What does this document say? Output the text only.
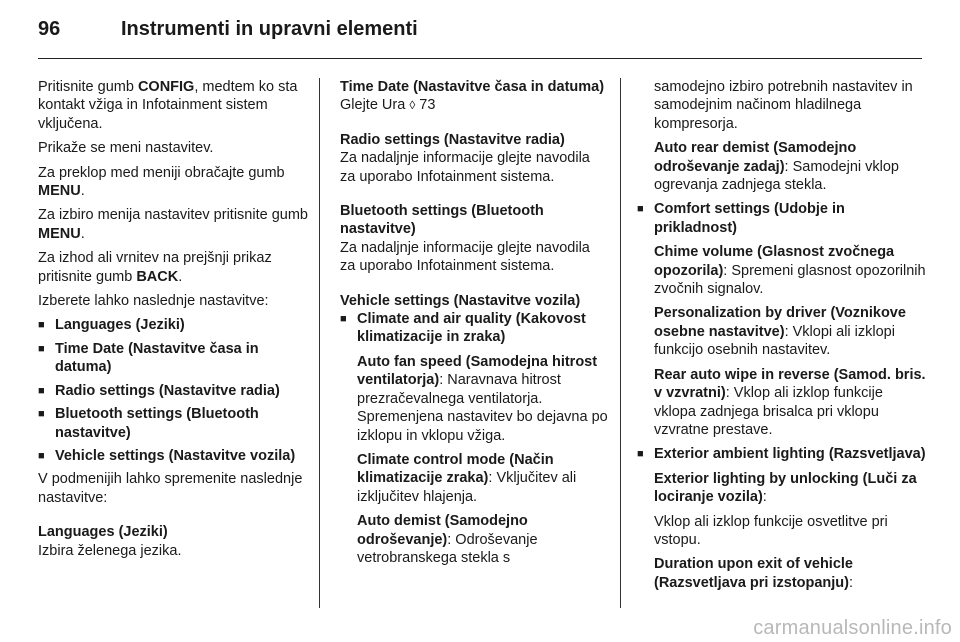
96	Instrumenti in upravni elementi

Pritisnite gumb CONFIG, medtem ko sta kontakt vžiga in Infotainment sistem vključena.

Prikaže se meni nastavitev.

Za preklop med meniji obračajte gumb MENU.

Za izbiro menija nastavitev pritisnite gumb MENU.

Za izhod ali vrnitev na prejšnji prikaz pritisnite gumb BACK.

Izberete lahko naslednje nastavitve:

■ Languages (Jeziki)
■ Time Date (Nastavitve časa in datuma)
■ Radio settings (Nastavitve radia)
■ Bluetooth settings (Bluetooth nastavitve)
■ Vehicle settings (Nastavitve vozila)

V podmenijih lahko spremenite naslednje nastavitve:

Languages (Jeziki)

Izbira želenega jezika.

Time Date (Nastavitve časa in datuma)

Glejte Ura ◊ 73

Radio settings (Nastavitve radia)

Za nadaljnje informacije glejte navodila za uporabo Infotainment sistema.

Bluetooth settings (Bluetooth nastavitve)

Za nadaljnje informacije glejte navodila za uporabo Infotainment sistema.

Vehicle settings (Nastavitve vozila)

■ Climate and air quality (Kakovost klimatizacije in zraka)

Auto fan speed (Samodejna hitrost ventilatorja): Naravnava hitrost prezračevalnega ventilatorja. Spremenjena nastavitev bo dejavna po izklopu in vklopu vžiga.

Climate control mode (Način klimatizacije zraka): Vključitev ali izključitev hlajenja.

Auto demist (Samodejno odroševanje): Odroševanje vetrobranskega stekla s

samodejno izbiro potrebnih nastavitev in samodejnim načinom hladilnega kompresorja.

Auto rear demist (Samodejno odroševanje zadaj): Samodejni vklop ogrevanja zadnjega stekla.

■ Comfort settings (Udobje in prikladnost)

Chime volume (Glasnost zvočnega opozorila): Spremeni glasnost opozorilnih zvočnih signalov.

Personalization by driver (Voznikove osebne nastavitve): Vklopi ali izklopi funkcijo osebnih nastavitev.

Rear auto wipe in reverse (Samod. bris. v vzvratni): Vklop ali izklop funkcije vklopa zadnjega brisalca pri vklopu vzvratne prestave.

■ Exterior ambient lighting (Razsvetljava)

Exterior lighting by unlocking (Luči za lociranje vozila):

Vklop ali izklop funkcije osvetlitve pri vstopu.

Duration upon exit of vehicle (Razsvetljava pri izstopanju):

carmanualsonline.info
